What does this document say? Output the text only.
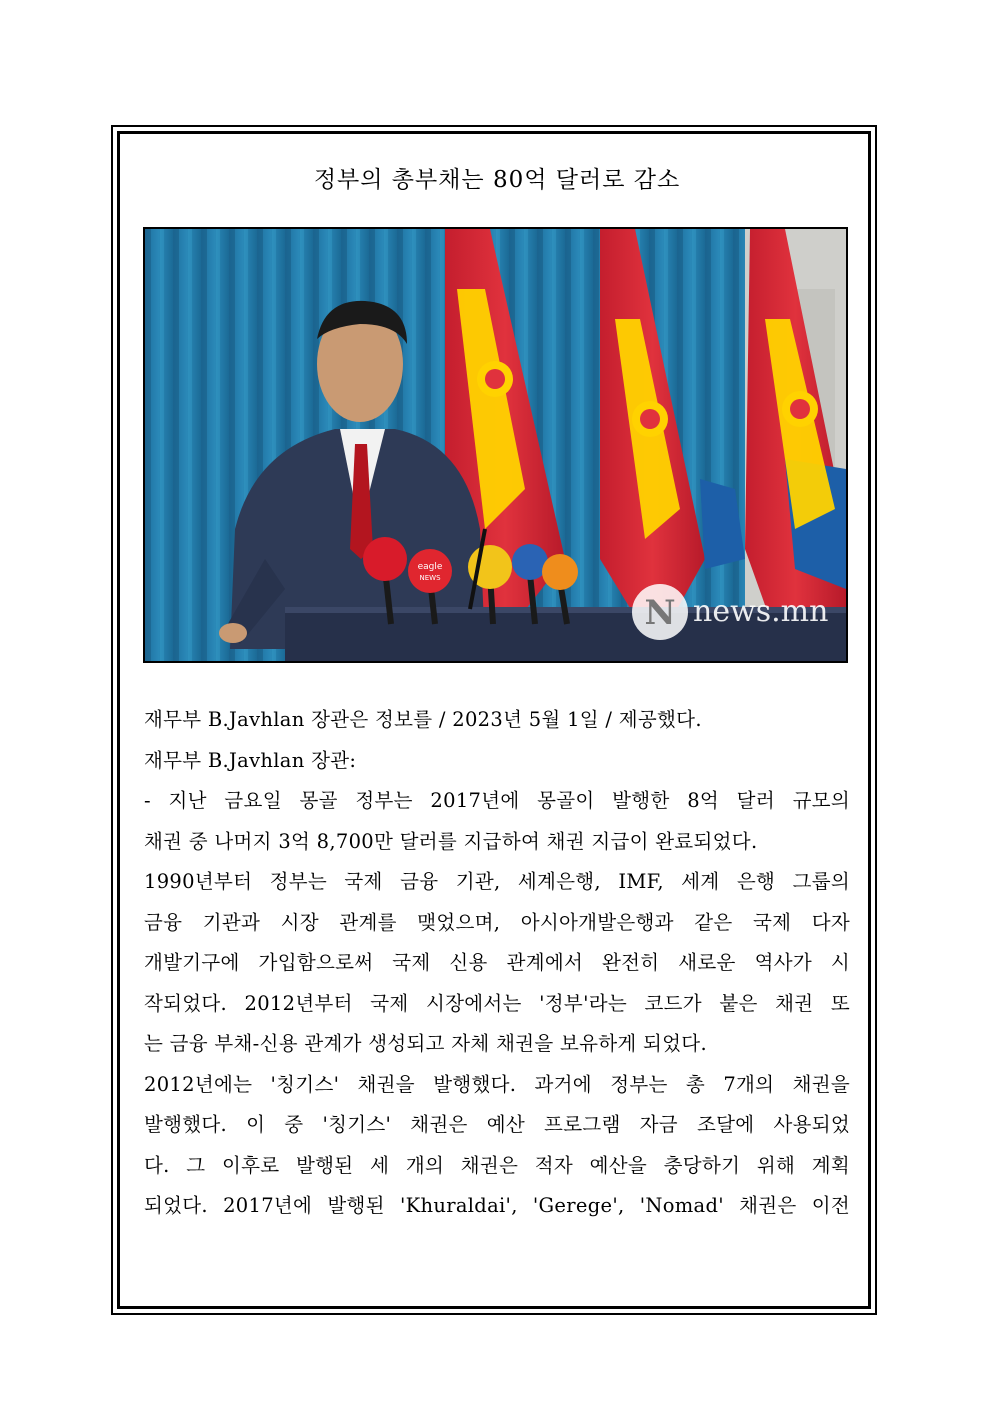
정부의 총부채는 80억 달러로 감소
eagle
NEWS
N news.mn

재무부 B.Javhlan 장관은 정보를 / 2023년 5월 1일 / 제공했다.

재무부 B.Javhlan 장관:

- 지난 금요일 몽골 정부는 2017년에 몽골이 발행한 8억 달러 규모의
채권 중 나머지 3억 8,700만 달러를 지급하여 채권 지급이 완료되었다.

1990년부터 정부는 국제 금융 기관, 세계은행, IMF, 세계 은행 그룹의
금융 기관과 시장 관계를 맺었으며, 아시아개발은행과 같은 국제 다자
개발기구에 가입함으로써 국제 신용 관계에서 완전히 새로운 역사가 시
작되었다. 2012년부터 국제 시장에서는 '정부'라는 코드가 붙은 채권 또
는 금융 부채-신용 관계가 생성되고 자체 채권을 보유하게 되었다.

2012년에는 '칭기스' 채권을 발행했다. 과거에 정부는 총 7개의 채권을
발행했다. 이 중 '칭기스' 채권은 예산 프로그램 자금 조달에 사용되었
다. 그 이후로 발행된 세 개의 채권은 적자 예산을 충당하기 위해 계획
되었다. 2017년에 발행된 'Khuraldai', 'Gerege', 'Nomad' 채권은 이전
